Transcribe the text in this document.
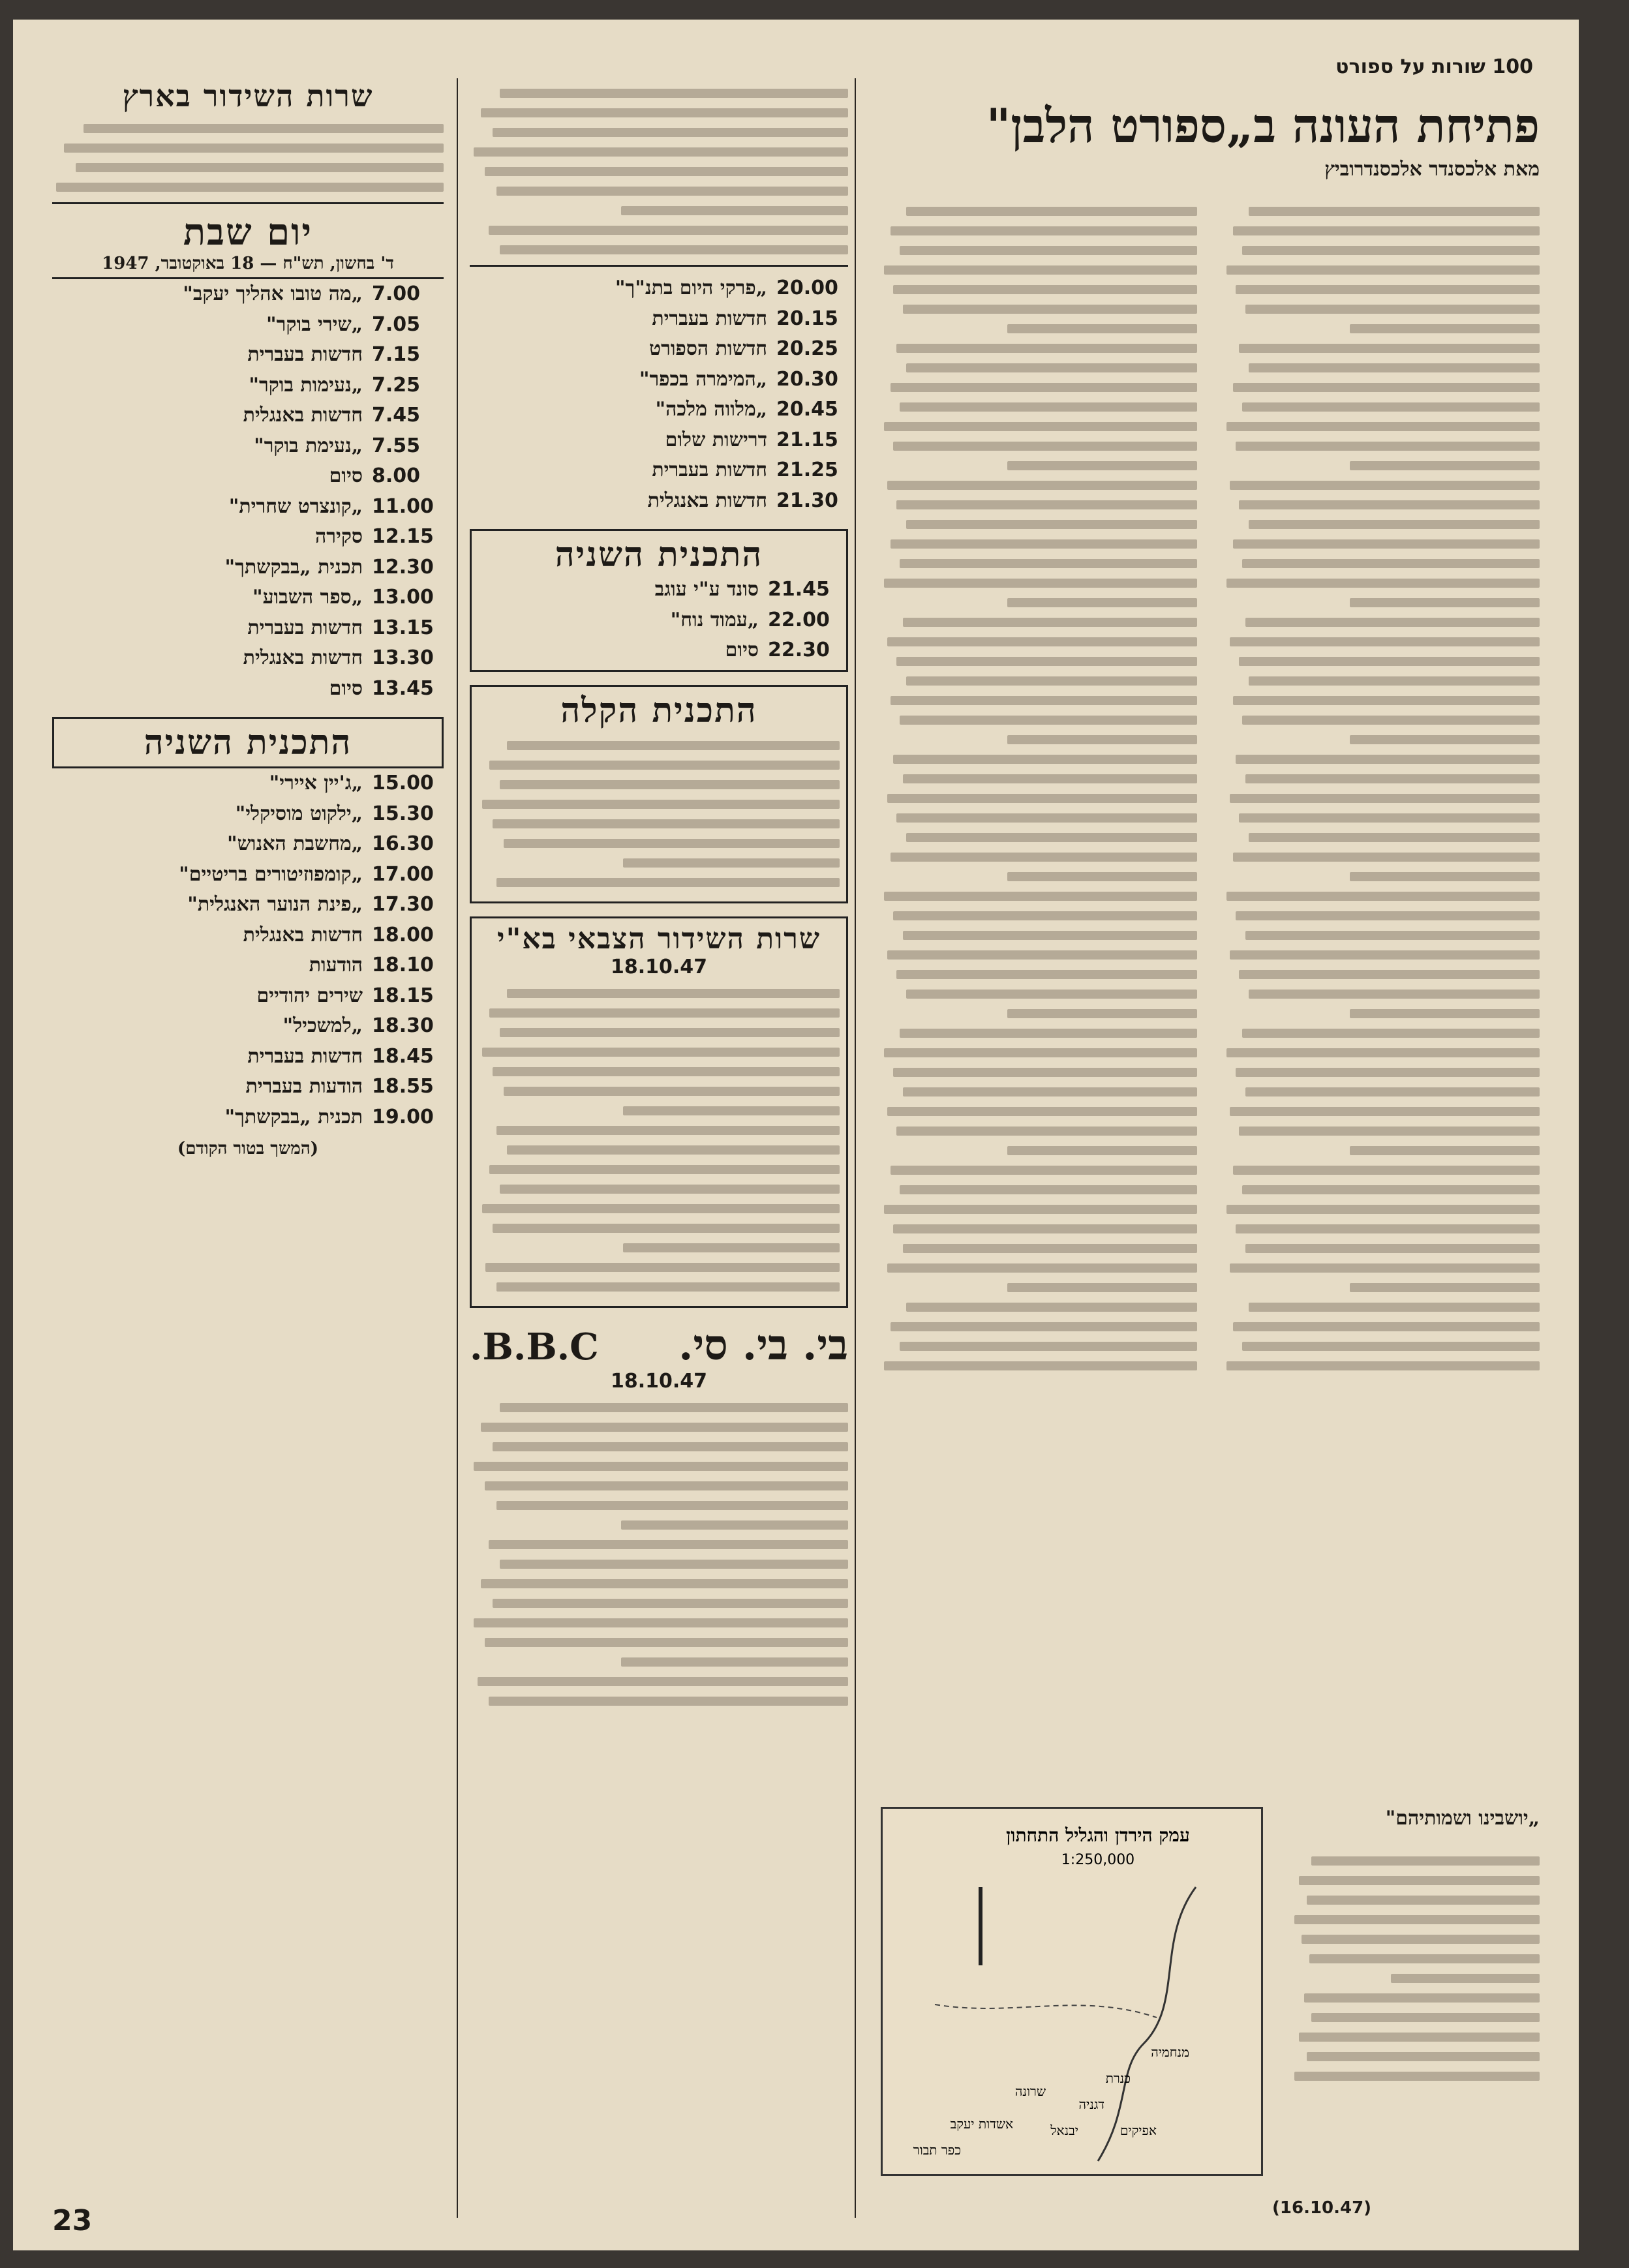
100 שורות על ספורט
פתיחת העונה ב„ספורט הלבן"
מאת אלכסנדר אלכסנדרוביץ
„יושבינו ושמותיהם"
עמק הירדן והגליל התחתון
1:250,000
כנרת
דגניה
יבנאל
מנחמיה
שרונה
אשדות יעקב	אפיקים
כפר תבור
(16.10.47)
20.00
„פרקי היום בתנ"ך"
20.15
חדשות בעברית
20.25
חדשות הספורט
20.30
„המימרה בכפר"
20.45
„מלווה מלכה"
21.15
דרישות שלום
21.25
חדשות בעברית
21.30
חדשות באנגלית
התכנית השניה
21.45
סונד ע"י עוגב
22.00
„עמוד נוח"
22.30
סיום
התכנית הקלה
שרות השידור הצבאי בא"י
18.10.47
בי. בי. סי.
B.B.C.
18.10.47
שרות השידור בארץ
יום שבת
ד' בחשון, תש"ח — 18 באוקטובר, 1947
7.00
„מה טובו אהליך יעקב"
7.05
„שירי בוקר"
7.15
חדשות בעברית
7.25
„נעימות בוקר"
7.45
חדשות באנגלית
7.55
„נעימת בוקר"
8.00
סיום
11.00
„קונצרט שחרית"
12.15
סקירה
12.30
תכנית „בבקשתך"
13.00
„ספר השבוע"
13.15
חדשות בעברית
13.30
חדשות באנגלית
13.45
סיום
התכנית השניה
15.00
„ג'יין איירי"
15.30
„ילקוט מוסיקלי"
16.30
„מחשבת האנוש"
17.00
„קומפוזיטורים בריטיים"
17.30
„פינת הנוער האנגלית"
18.00
חדשות באנגלית
18.10
הודעות
18.15
שירים יהודיים
18.30
„למשכיל"
18.45
חדשות בעברית
18.55
הודעות בעברית
19.00
תכנית „בבקשתך"
(המשך בטור הקודם)
23
